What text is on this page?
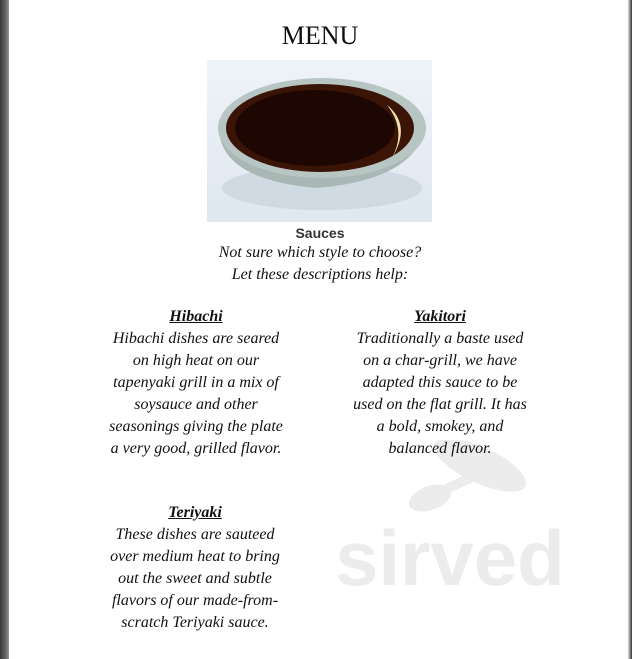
MENU
Sauces
Not sure which style to choose?
Let these descriptions help:
sirved
Hibachi

Hibachi dishes are seared on high heat on our tapenyaki grill in a mix of soysauce and other seasonings giving the plate a very good, grilled flavor.

Yakitori

Traditionally a baste used on a char-grill, we have adapted this sauce to be used on the flat grill. It has a bold, smokey, and balanced flavor.

Teriyaki

These dishes are sauteed over medium heat to bring out the sweet and subtle flavors of our made-from-scratch Teriyaki sauce.
